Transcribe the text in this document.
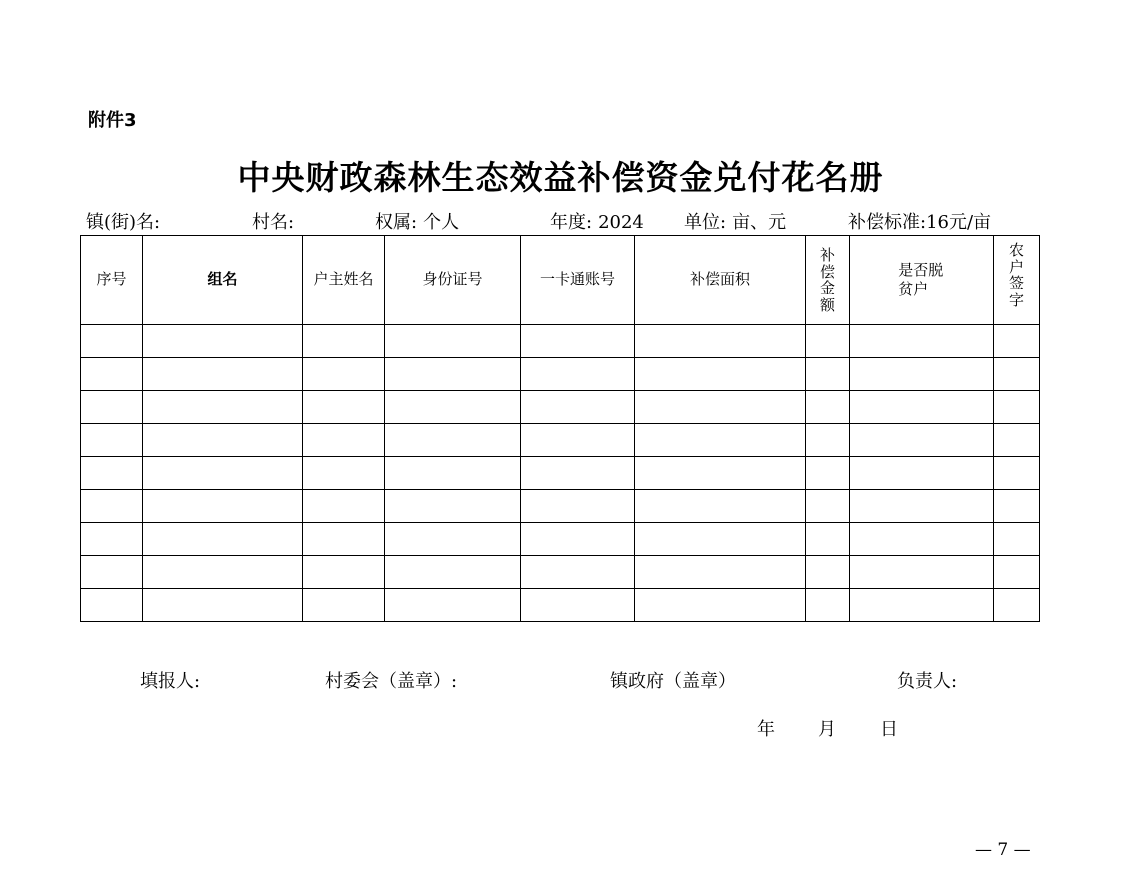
附件3
中央财政森林生态效益补偿资金兑付花名册
镇(街)名:	村名:	权属: 个人	年度: 2024 单位: 亩、元	补偿标准:16元/亩
序号	组名	户主姓名	身份证号	一卡通账号	补偿面积	补偿金额	是否脱贫户	农户签字

填报人:	村委会（盖章）:	镇政府（盖章）	负责人:
年 月 日
— 7 —
